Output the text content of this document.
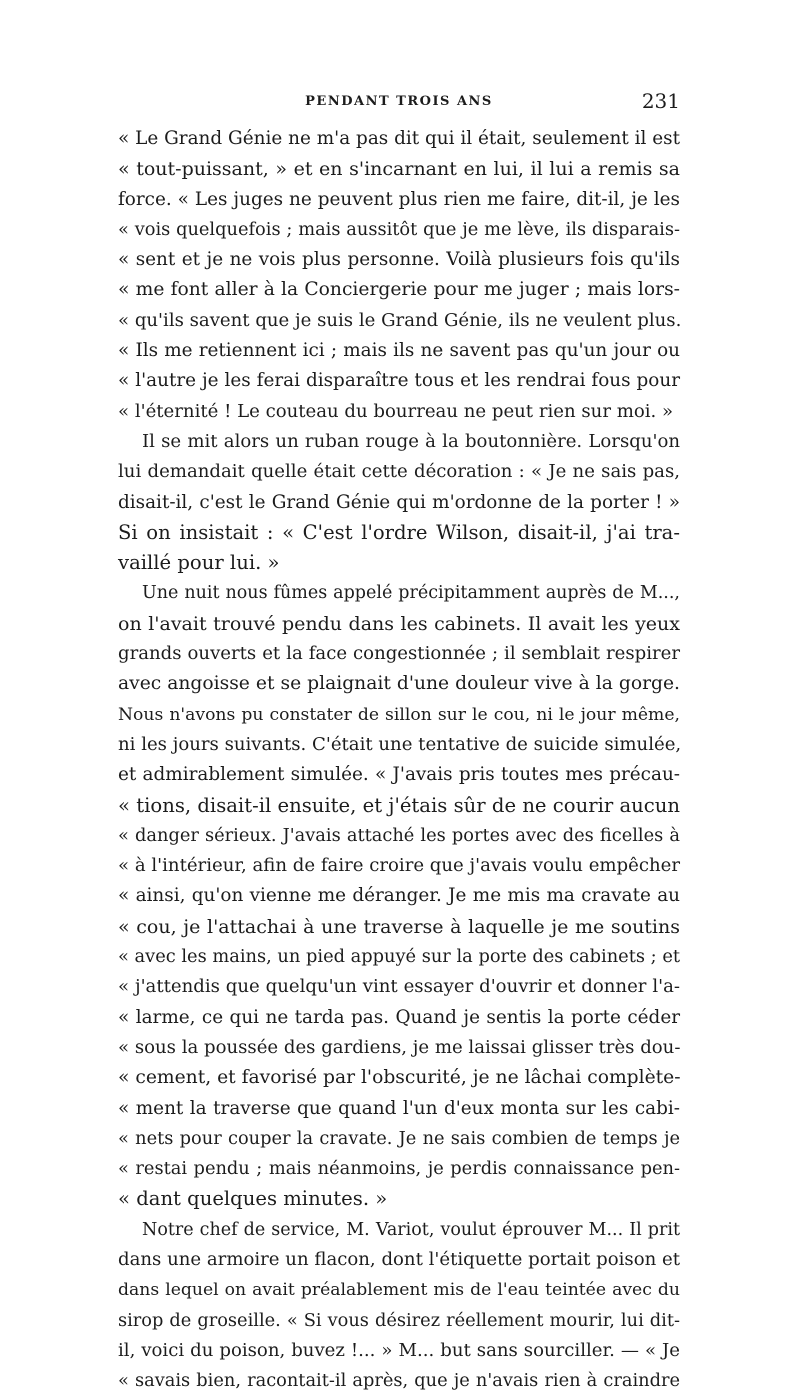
PENDANT TROIS ANS	231
« Le Grand Génie ne m'a pas dit qui il était, seulement il est
« tout-puissant, » et en s'incarnant en lui, il lui a remis sa
force. « Les juges ne peuvent plus rien me faire, dit-il, je les
« vois quelquefois ; mais aussitôt que je me lève, ils disparais-
« sent et je ne vois plus personne. Voilà plusieurs fois qu'ils
« me font aller à la Conciergerie pour me juger ; mais lors-
« qu'ils savent que je suis le Grand Génie, ils ne veulent plus.
« Ils me retiennent ici ; mais ils ne savent pas qu'un jour ou
« l'autre je les ferai disparaître tous et les rendrai fous pour
« l'éternité ! Le couteau du bourreau ne peut rien sur moi. »
Il se mit alors un ruban rouge à la boutonnière. Lorsqu'on
lui demandait quelle était cette décoration : « Je ne sais pas,
disait-il, c'est le Grand Génie qui m'ordonne de la porter ! »
Si on insistait : « C'est l'ordre Wilson, disait-il, j'ai tra-
vaillé pour lui. »
Une nuit nous fûmes appelé précipitamment auprès de M...,
on l'avait trouvé pendu dans les cabinets. Il avait les yeux
grands ouverts et la face congestionnée ; il semblait respirer
avec angoisse et se plaignait d'une douleur vive à la gorge.
Nous n'avons pu constater de sillon sur le cou, ni le jour même,
ni les jours suivants. C'était une tentative de suicide simulée,
et admirablement simulée. « J'avais pris toutes mes précau-
« tions, disait-il ensuite, et j'étais sûr de ne courir aucun
« danger sérieux. J'avais attaché les portes avec des ficelles à
« à l'intérieur, afin de faire croire que j'avais voulu empêcher
« ainsi, qu'on vienne me déranger. Je me mis ma cravate au
« cou, je l'attachai à une traverse à laquelle je me soutins
« avec les mains, un pied appuyé sur la porte des cabinets ; et
« j'attendis que quelqu'un vint essayer d'ouvrir et donner l'a-
« larme, ce qui ne tarda pas. Quand je sentis la porte céder
« sous la poussée des gardiens, je me laissai glisser très dou-
« cement, et favorisé par l'obscurité, je ne lâchai complète-
« ment la traverse que quand l'un d'eux monta sur les cabi-
« nets pour couper la cravate. Je ne sais combien de temps je
« restai pendu ; mais néanmoins, je perdis connaissance pen-
« dant quelques minutes. »
Notre chef de service, M. Variot, voulut éprouver M... Il prit
dans une armoire un flacon, dont l'étiquette portait poison et
dans lequel on avait préalablement mis de l'eau teintée avec du
sirop de groseille. « Si vous désirez réellement mourir, lui dit-
il, voici du poison, buvez !... » M... but sans sourciller. — « Je
« savais bien, racontait-il après, que je n'avais rien à craindre
